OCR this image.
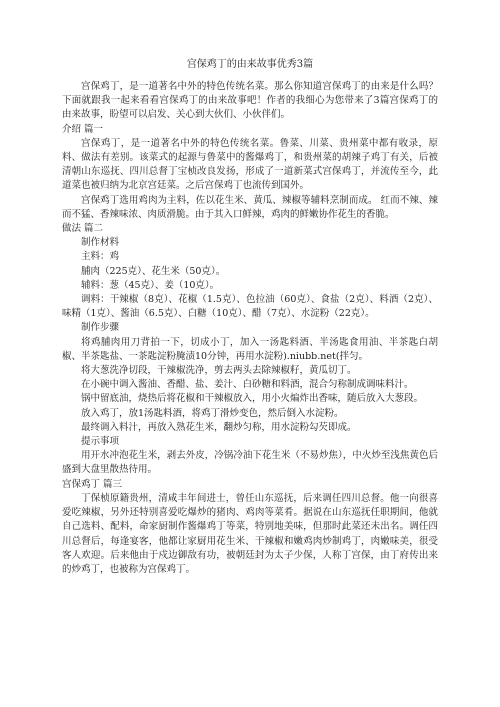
宫保鸡丁的由来故事优秀3篇

宫保鸡丁，是一道著名中外的特色传统名菜。那么你知道宫保鸡丁的由来是什么吗？下面就跟我一起来看看宫保鸡丁的由来故事吧！作者的我细心为您带来了3篇宫保鸡丁的由来故事，盼望可以启发、关心到大伙们、小伙伴们。

介绍 篇一

宫保鸡丁，是一道著名中外的特色传统名菜。鲁菜、川菜、贵州菜中都有收录，原料、做法有差别。该菜式的起源与鲁菜中的酱爆鸡丁，和贵州菜的胡辣子鸡丁有关，后被清朝山东巡抚、四川总督丁宝桢改良发扬，形成了一道新菜式宫保鸡丁，并流传至今，此道菜也被归纳为北京宫廷菜。之后宫保鸡丁也流传到国外。

宫保鸡丁选用鸡肉为主料，佐以花生米、黄瓜、辣椒等辅料烹制而成。 红而不辣、辣而不猛、香辣味浓、肉质滑脆。由于其入口鲜辣，鸡肉的鲜嫩协作花生的香脆。

做法 篇二

制作材料

主料：鸡

脯肉（225克）、花生米（50克）。

辅料：葱（45克）、姜（10克）。

调料：干辣椒（8克）、花椒（1.5克）、色拉油（60克）、食盐（2克）、料酒（2克）、味精（1克）、酱油（6.5克）、白糖（10克）、醋（7克）、水淀粉（22克）。

制作步骤

将鸡脯肉用刀背拍一下，切成小丁，加入一汤匙料酒、半汤匙食用油、半茶匙白胡椒、半茶匙盐、一茶匙淀粉腌渍10分钟，再用水淀粉).niubb.net(拌匀。

将大葱洗净切段，干辣椒洗净，剪去两头去除辣椒籽，黄瓜切丁。

在小碗中调入酱油、香醋、盐、姜汁、白砂糖和料酒，混合匀称制成调味料汁。

锅中留底油，烧热后将花椒和干辣椒放入，用小火煸炸出香味，随后放入大葱段。

放入鸡丁，放1汤匙料酒，将鸡丁滑炒变色，然后倒入水淀粉。

最终调入料汁，再放入熟花生米，翻炒匀称，用水淀粉勾芡即成。

提示事项

用开水冲泡花生米，剥去外皮，冷锅冷油下花生米（不易炒焦），中火炒至浅焦黄色后盛到大盘里散热待用。

宫保鸡丁 篇三

丁保桢原籍贵州，清咸丰年间进士，曾任山东巡抚，后来调任四川总督。他一向很喜爱吃辣椒，另外还特别喜爱吃爆炒的猪肉、鸡肉等菜肴。据说在山东巡抚任职期间，他就自己选料、配料，命家厨制作酱爆鸡丁等菜，特别地美味，但那时此菜还未出名。调任四川总督后，每逢宴客，他都让家厨用花生米、干辣椒和嫩鸡肉炒制鸡丁，肉嫩味美，很受客人欢迎。后来他由于戍边御敌有功，被朝廷封为太子少保，人称丁宫保，由丁府传出来的炒鸡丁，也被称为宫保鸡丁。
